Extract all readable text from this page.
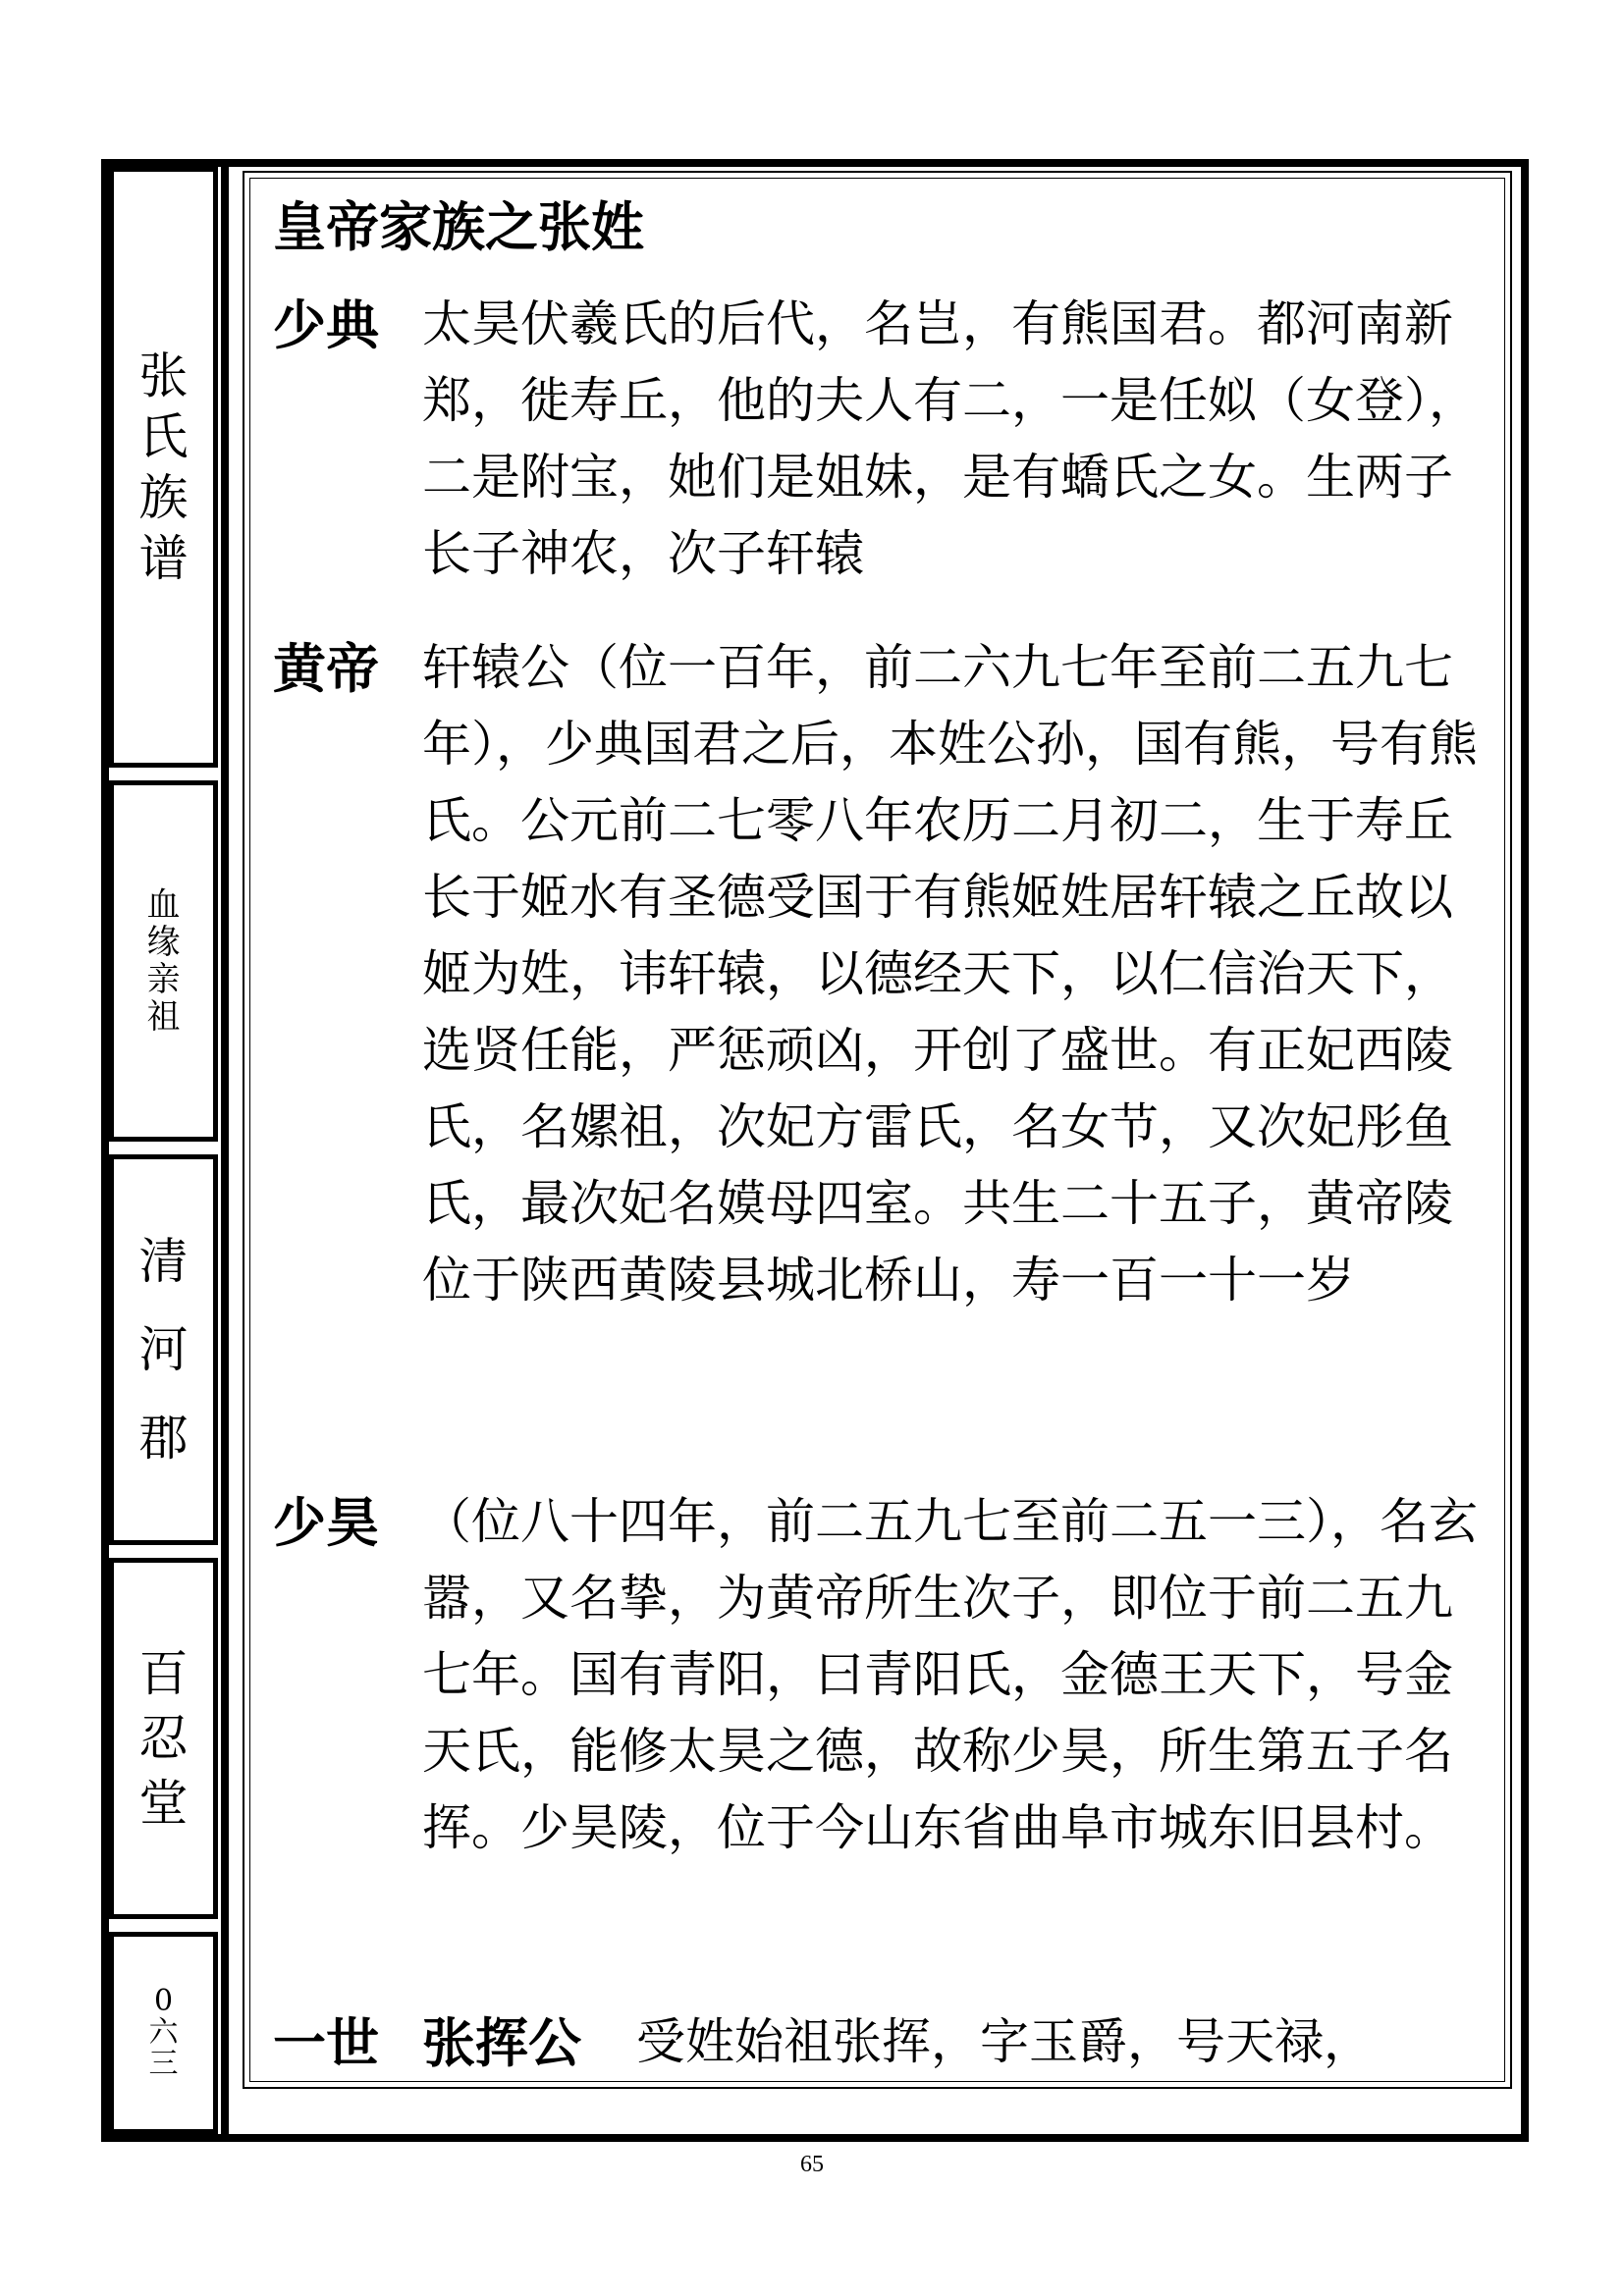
张
氏
族
谱
血
缘
亲
祖
清
河
郡
百
忍
堂
0
六
三
皇帝家族之张姓
少典 太昊伏羲氏的后代，名岂，有熊国君。都河南新郑，徙寿丘，他的夫人有二，一是任姒（女登），二是附宝，她们是姐妹，是有蟜氏之女。生两子长子神农，次子轩辕
黄帝 轩辕公（位一百年，前二六九七年至前二五九七年），少典国君之后，本姓公孙，国有熊，号有熊氏。公元前二七零八年农历二月初二，生于寿丘长于姬水有圣德受国于有熊姬姓居轩辕之丘故以姬为姓，讳轩辕，以德经天下，以仁信治天下，选贤任能，严惩顽凶，开创了盛世。有正妃西陵氏，名嫘祖，次妃方雷氏，名女节，又次妃彤鱼氏，最次妃名嫫母四室。共生二十五子，黄帝陵位于陕西黄陵县城北桥山，寿一百一十一岁
少昊 （位八十四年，前二五九七至前二五一三），名玄嚣，又名挚，为黄帝所生次子，即位于前二五九七年。国有青阳，曰青阳氏，金德王天下，号金天氏，能修太昊之德，故称少昊，所生第五子名挥。少昊陵，位于今山东省曲阜市城东旧县村。
一世 张挥公 受姓始祖张挥，字玉爵，号天禄，
65
